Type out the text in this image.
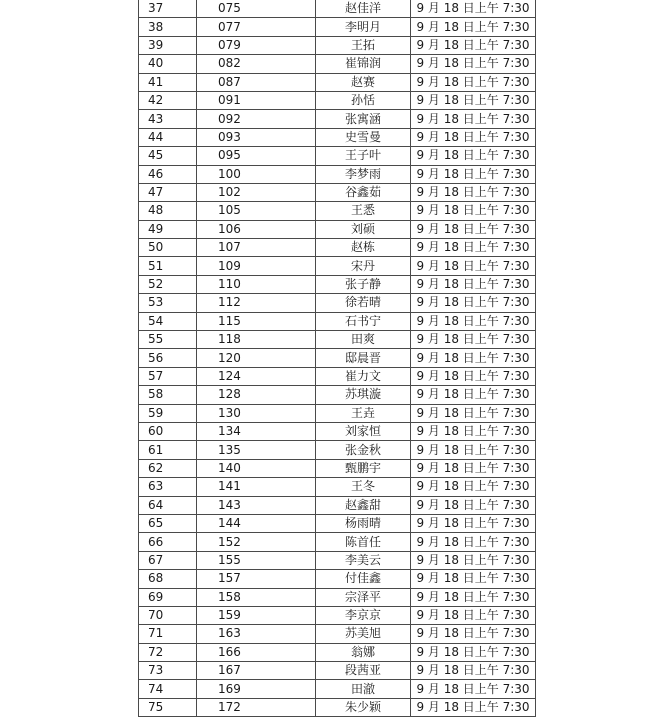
37	075	赵佳洋	9 月 18 日上午 7:30
38	077	李明月	9 月 18 日上午 7:30
39	079	王拓	9 月 18 日上午 7:30
40	082	崔锦润	9 月 18 日上午 7:30
41	087	赵赛	9 月 18 日上午 7:30
42	091	孙恬	9 月 18 日上午 7:30
43	092	张寓涵	9 月 18 日上午 7:30
44	093	史雪曼	9 月 18 日上午 7:30
45	095	王子叶	9 月 18 日上午 7:30
46	100	李梦雨	9 月 18 日上午 7:30
47	102	谷鑫茹	9 月 18 日上午 7:30
48	105	王悉	9 月 18 日上午 7:30
49	106	刘硕	9 月 18 日上午 7:30
50	107	赵栋	9 月 18 日上午 7:30
51	109	宋丹	9 月 18 日上午 7:30
52	110	张子静	9 月 18 日上午 7:30
53	112	徐若晴	9 月 18 日上午 7:30
54	115	石书宁	9 月 18 日上午 7:30
55	118	田爽	9 月 18 日上午 7:30
56	120	邸晨晋	9 月 18 日上午 7:30
57	124	崔力文	9 月 18 日上午 7:30
58	128	苏琪漩	9 月 18 日上午 7:30
59	130	王垚	9 月 18 日上午 7:30
60	134	刘家恒	9 月 18 日上午 7:30
61	135	张金秋	9 月 18 日上午 7:30
62	140	甄鹏宇	9 月 18 日上午 7:30
63	141	王冬	9 月 18 日上午 7:30
64	143	赵鑫甜	9 月 18 日上午 7:30
65	144	杨雨晴	9 月 18 日上午 7:30
66	152	陈首任	9 月 18 日上午 7:30
67	155	李美云	9 月 18 日上午 7:30
68	157	付佳鑫	9 月 18 日上午 7:30
69	158	宗泽平	9 月 18 日上午 7:30
70	159	李京京	9 月 18 日上午 7:30
71	163	苏美旭	9 月 18 日上午 7:30
72	166	翁娜	9 月 18 日上午 7:30
73	167	段茜亚	9 月 18 日上午 7:30
74	169	田澈	9 月 18 日上午 7:30
75	172	朱少颖	9 月 18 日上午 7:30
